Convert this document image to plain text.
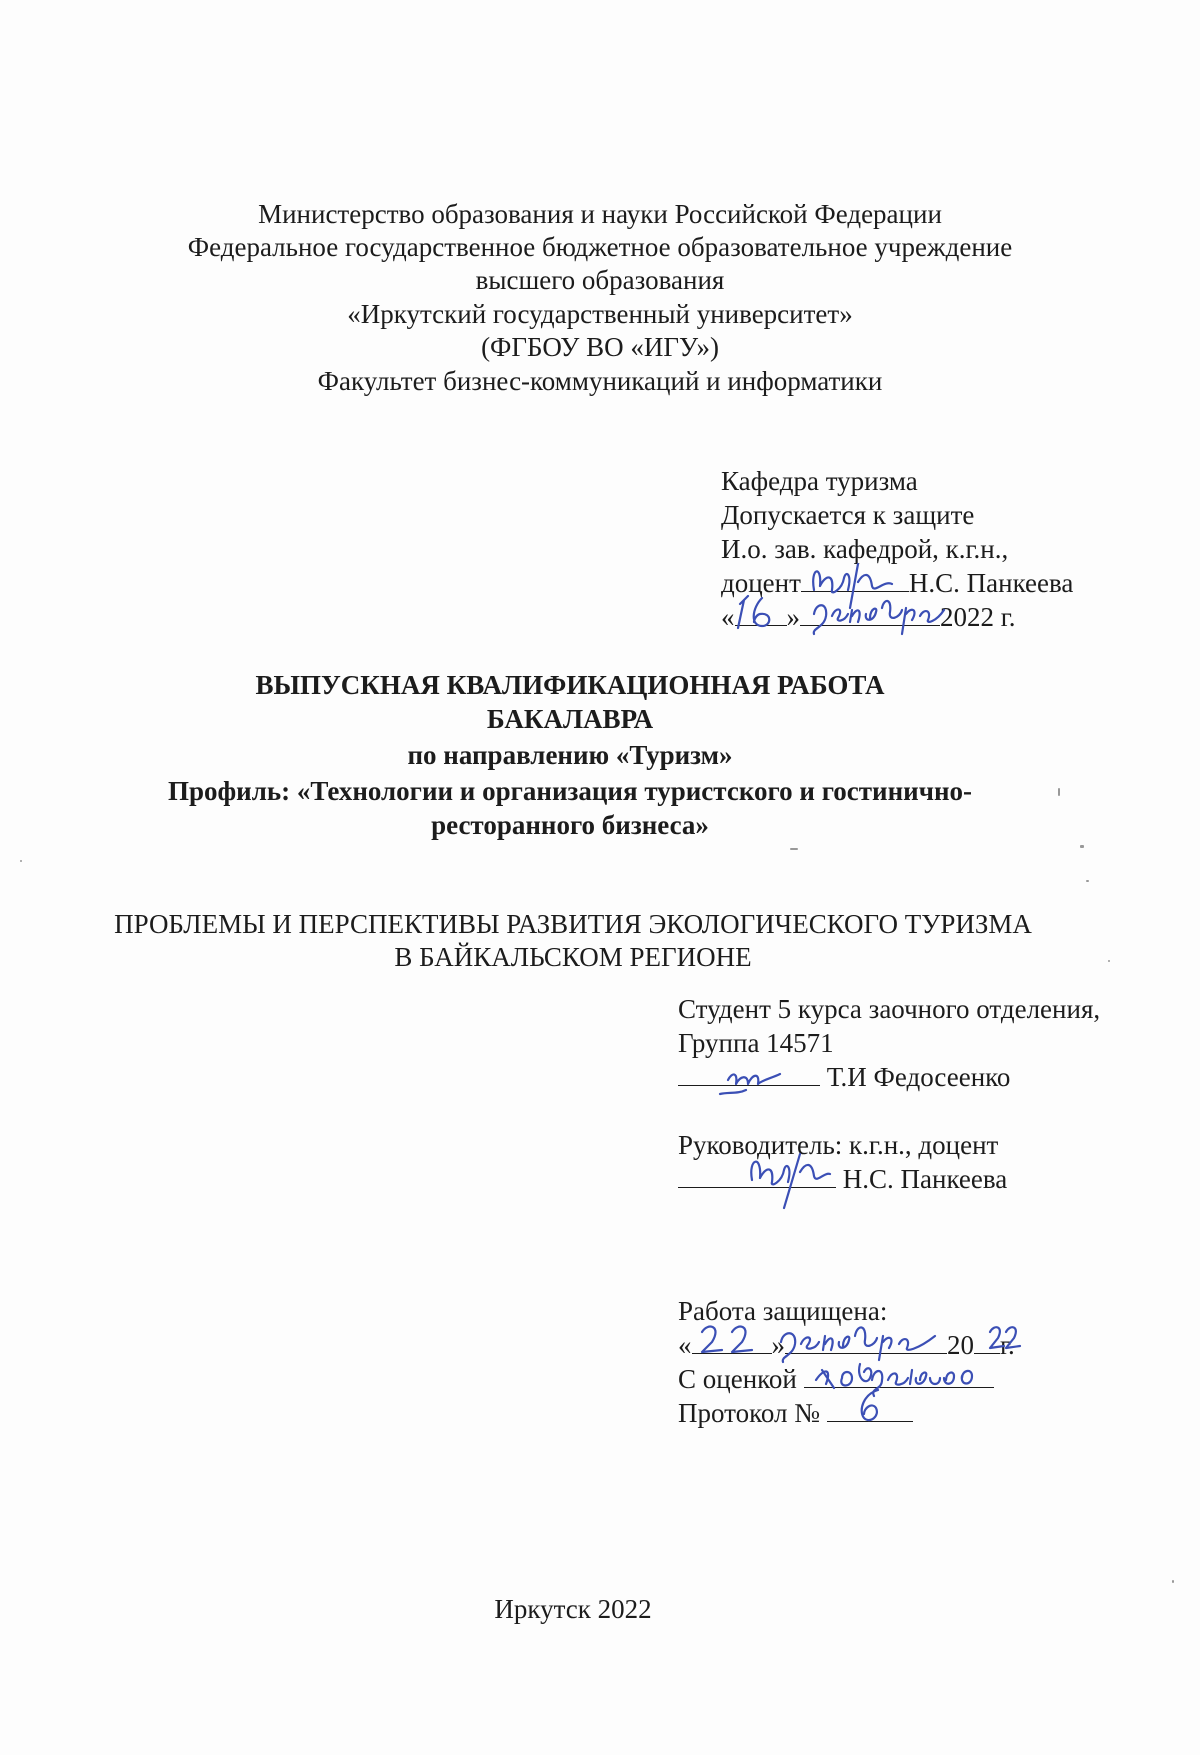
Министерство образования и науки Российской Федерации
Федеральное государственное бюджетное образовательное учреждение
высшего образования
«Иркутский государственный университет»
(ФГБОУ ВО «ИГУ»)
Факультет бизнес-коммуникаций и информатики
Кафедра туризма
Допускается к защите
И.о. зав. кафедрой, к.г.н.,
доцент	Н.С. Панкеева
« »	2022 г.
ВЫПУСКНАЯ КВАЛИФИКАЦИОННАЯ РАБОТА
БАКАЛАВРА
по направлению «Туризм»
Профиль: «Технологии и организация туристского и гостинично-
ресторанного бизнеса»
ПРОБЛЕМЫ И ПЕРСПЕКТИВЫ РАЗВИТИЯ ЭКОЛОГИЧЕСКОГО ТУРИЗМА
В БАЙКАЛЬСКОМ РЕГИОНЕ
Студент 5 курса заочного отделения,
Группа 14571
Т.И Федосеенко
Руководитель: к.г.н., доцент
Н.С. Панкеева
Работа защищена:
«	»	20 г.
С оценкой
Протокол №
Иркутск 2022
